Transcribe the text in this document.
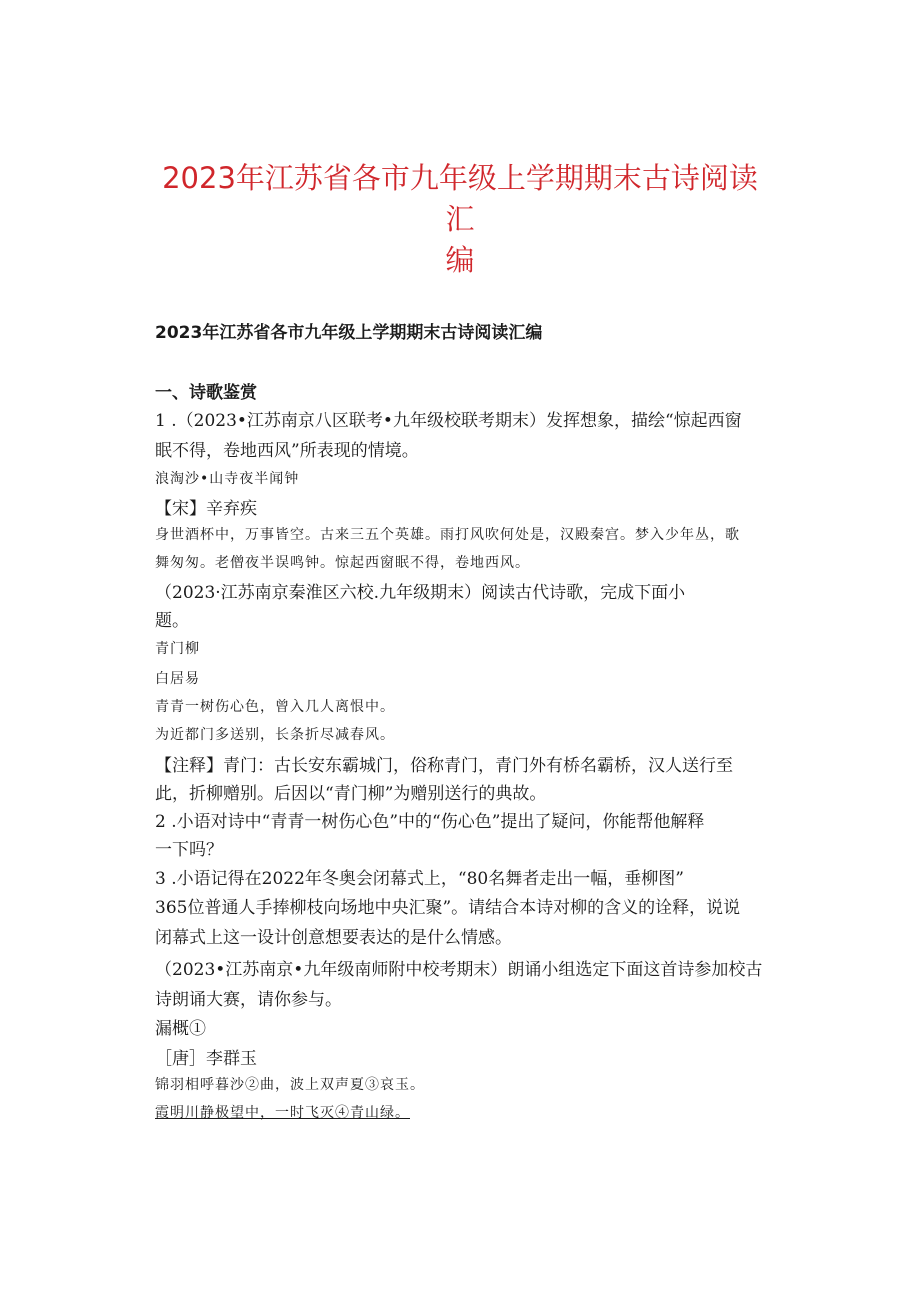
2023年江苏省各市九年级上学期期末古诗阅读汇
编
2023年江苏省各市九年级上学期期末古诗阅读汇编
一、诗歌鉴赏
1 .（2023•江苏南京八区联考•九年级校联考期末）发挥想象，描绘“惊起西窗
眠不得，卷地西风”所表现的情境。
浪淘沙•山寺夜半闻钟
【宋】辛弃疾
身世酒杯中，万事皆空。古来三五个英雄。雨打风吹何处是，汉殿秦宫。梦入少年丛，歌
舞匆匆。老僧夜半误鸣钟。惊起西窗眠不得，卷地西风。
（2023·江苏南京秦淮区六校.九年级期末）阅读古代诗歌，完成下面小
题。
青门柳
白居易
青青一树伤心色，曾入几人离恨中。
为近都门多送别，长条折尽减春风。
【注释】青门：古长安东霸城门，俗称青门，青门外有桥名霸桥，汉人送行至
此，折柳赠别。后因以“青门柳”为赠别送行的典故。
2 .小语对诗中“青青一树伤心色”中的“伤心色”提出了疑问，你能帮他解释
一下吗？
3 .小语记得在2022年冬奥会闭幕式上，“80名舞者走出一幅，垂柳图”
365位普通人手捧柳枝向场地中央汇聚”。请结合本诗对柳的含义的诠释，说说
闭幕式上这一设计创意想要表达的是什么情感。
（2023•江苏南京•九年级南师附中校考期末）朗诵小组选定下面这首诗参加校古
诗朗诵大赛，请你参与。
漏概①
［唐］李群玉
锦羽相呼暮沙②曲，波上双声夏③哀玉。
霞明川静极望中，一时飞灭④青山绿。
